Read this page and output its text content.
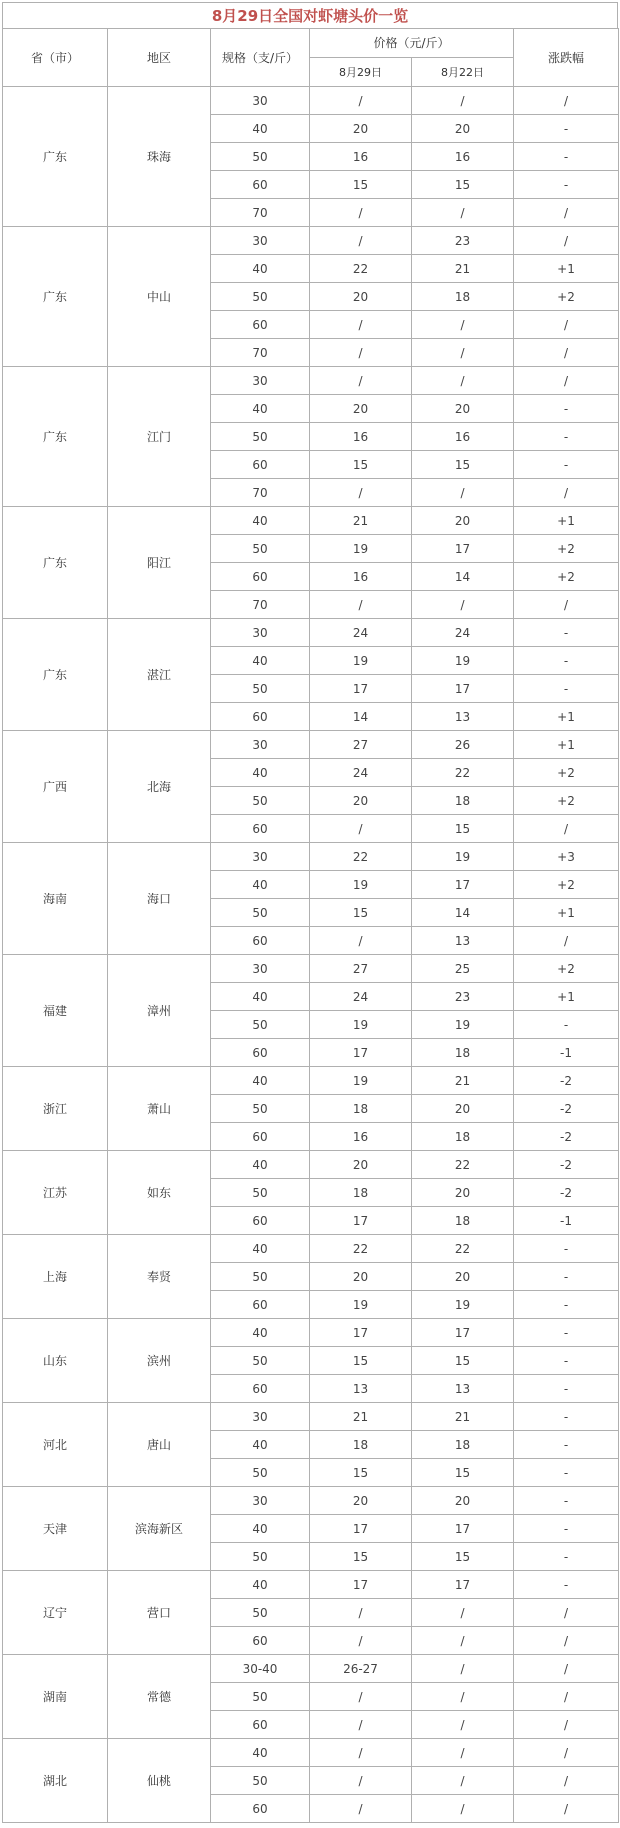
8月29日全国对虾塘头价一览
省（市）	地区	规格（支/斤）	价格（元/斤）		涨跌幅
			8月29日	8月22日	
广东	珠海	30	/	/	/
		40	20	20	-
		50	16	16	-
		60	15	15	-
		70	/	/	/
广东	中山	30	/	23	/
		40	22	21	+1
		50	20	18	+2
		60	/	/	/
		70	/	/	/
广东	江门	30	/	/	/
		40	20	20	-
		50	16	16	-
		60	15	15	-
		70	/	/	/
广东	阳江	40	21	20	+1
		50	19	17	+2
		60	16	14	+2
		70	/	/	/
广东	湛江	30	24	24	-
		40	19	19	-
		50	17	17	-
		60	14	13	+1
广西	北海	30	27	26	+1
		40	24	22	+2
		50	20	18	+2
		60	/	15	/
海南	海口	30	22	19	+3
		40	19	17	+2
		50	15	14	+1
		60	/	13	/
福建	漳州	30	27	25	+2
		40	24	23	+1
		50	19	19	-
		60	17	18	-1
浙江	萧山	40	19	21	-2
		50	18	20	-2
		60	16	18	-2
江苏	如东	40	20	22	-2
		50	18	20	-2
		60	17	18	-1
上海	奉贤	40	22	22	-
		50	20	20	-
		60	19	19	-
山东	滨州	40	17	17	-
		50	15	15	-
		60	13	13	-
河北	唐山	30	21	21	-
		40	18	18	-
		50	15	15	-
天津	滨海新区	30	20	20	-
		40	17	17	-
		50	15	15	-
辽宁	营口	40	17	17	-
		50	/	/	/
		60	/	/	/
湖南	常德	30-40	26-27	/	/
		50	/	/	/
		60	/	/	/
湖北	仙桃	40	/	/	/
		50	/	/	/
		60	/	/	/
